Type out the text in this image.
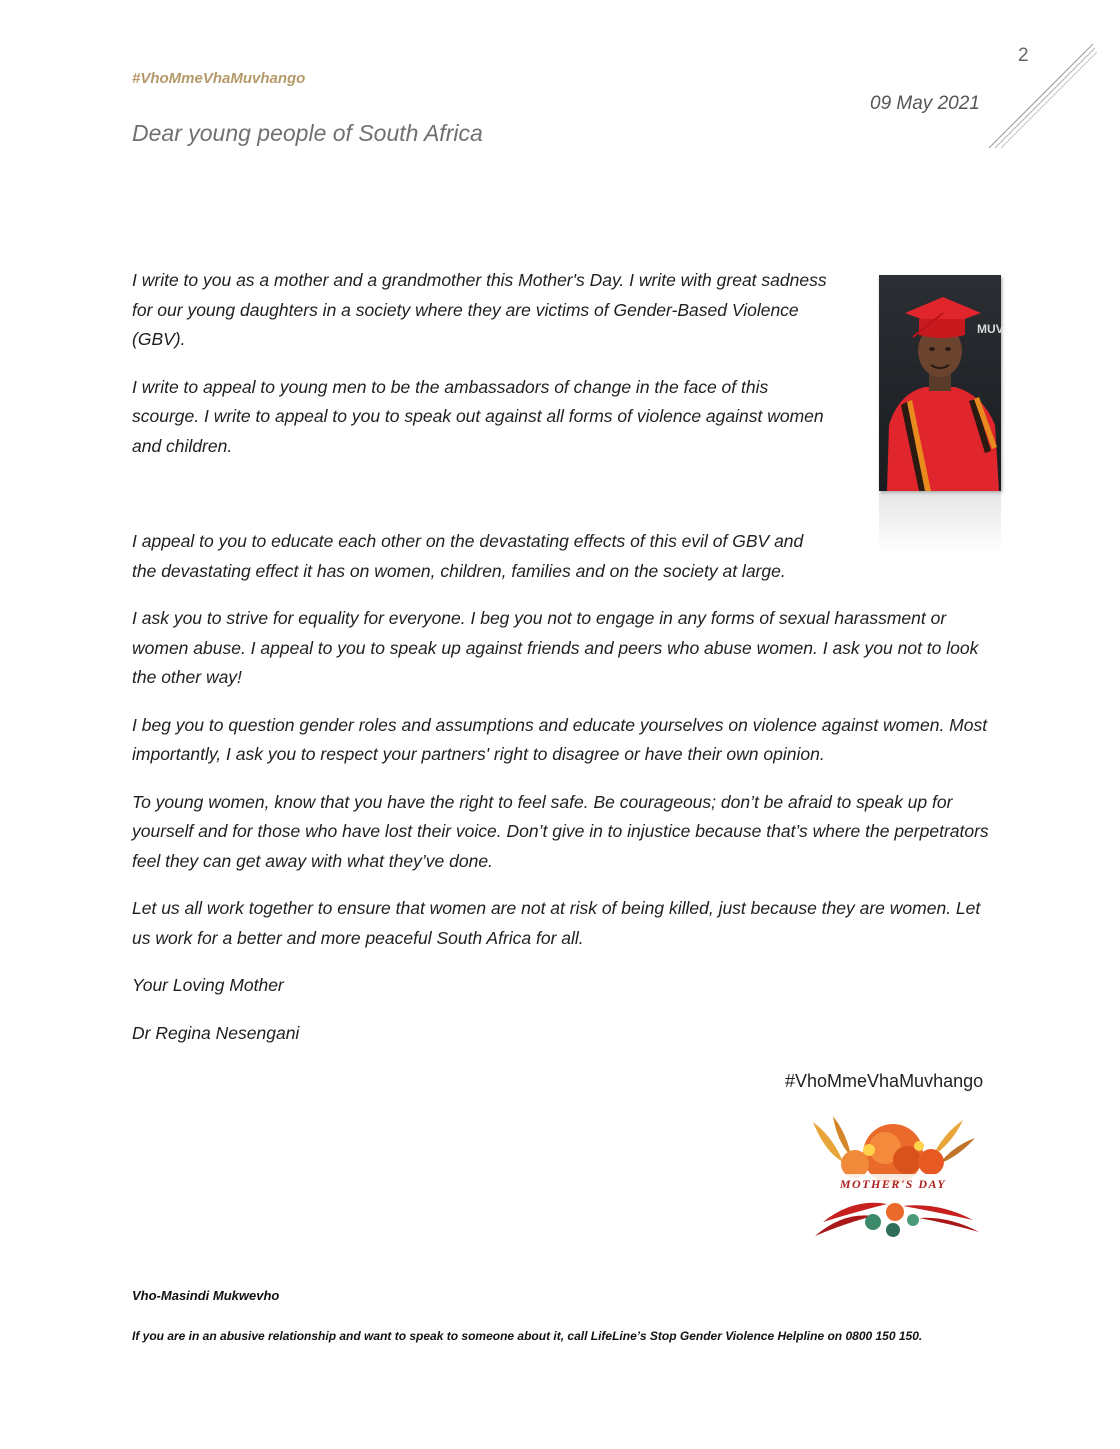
#VhoMmeVhaMuvhango
2
09 May 2021
Dear young people of South Africa

I write to you as a mother and a grandmother this Mother's Day. I write with great sadness for our young daughters in a society where they are victims of Gender-Based Violence (GBV).

I write to appeal to young men to be the ambassadors of change in the face of this scourge. I write to appeal to you to speak out against all forms of violence against women and children.

I appeal to you to educate each other on the devastating effects of this evil of GBV and the devastating effect it has on women, children, families and on the society at large.

I ask you to strive for equality for everyone. I beg you not to engage in any forms of sexual harassment or women abuse. I appeal to you to speak up against friends and peers who abuse women. I ask you not to look the other way!

I beg you to question gender roles and assumptions and educate yourselves on violence against women. Most importantly, I ask you to respect your partners' right to disagree or have their own opinion.

To young women, know that you have the right to feel safe. Be courageous; don’t be afraid to speak up for yourself and for those who have lost their voice. Don’t give in to injustice because that’s where the perpetrators feel they can get away with what they’ve done.

Let us all work together to ensure that women are not at risk of being killed, just because they are women. Let us work for a better and more peaceful South Africa for all.

Your Loving Mother

Dr Regina Nesengani

MUV
#VhoMmeVhaMuvhango
MOTHER'S DAY
Vho-Masindi Mukwevho
If you are in an abusive relationship and want to speak to someone about it, call LifeLine’s Stop Gender Violence Helpline on 0800 150 150.
